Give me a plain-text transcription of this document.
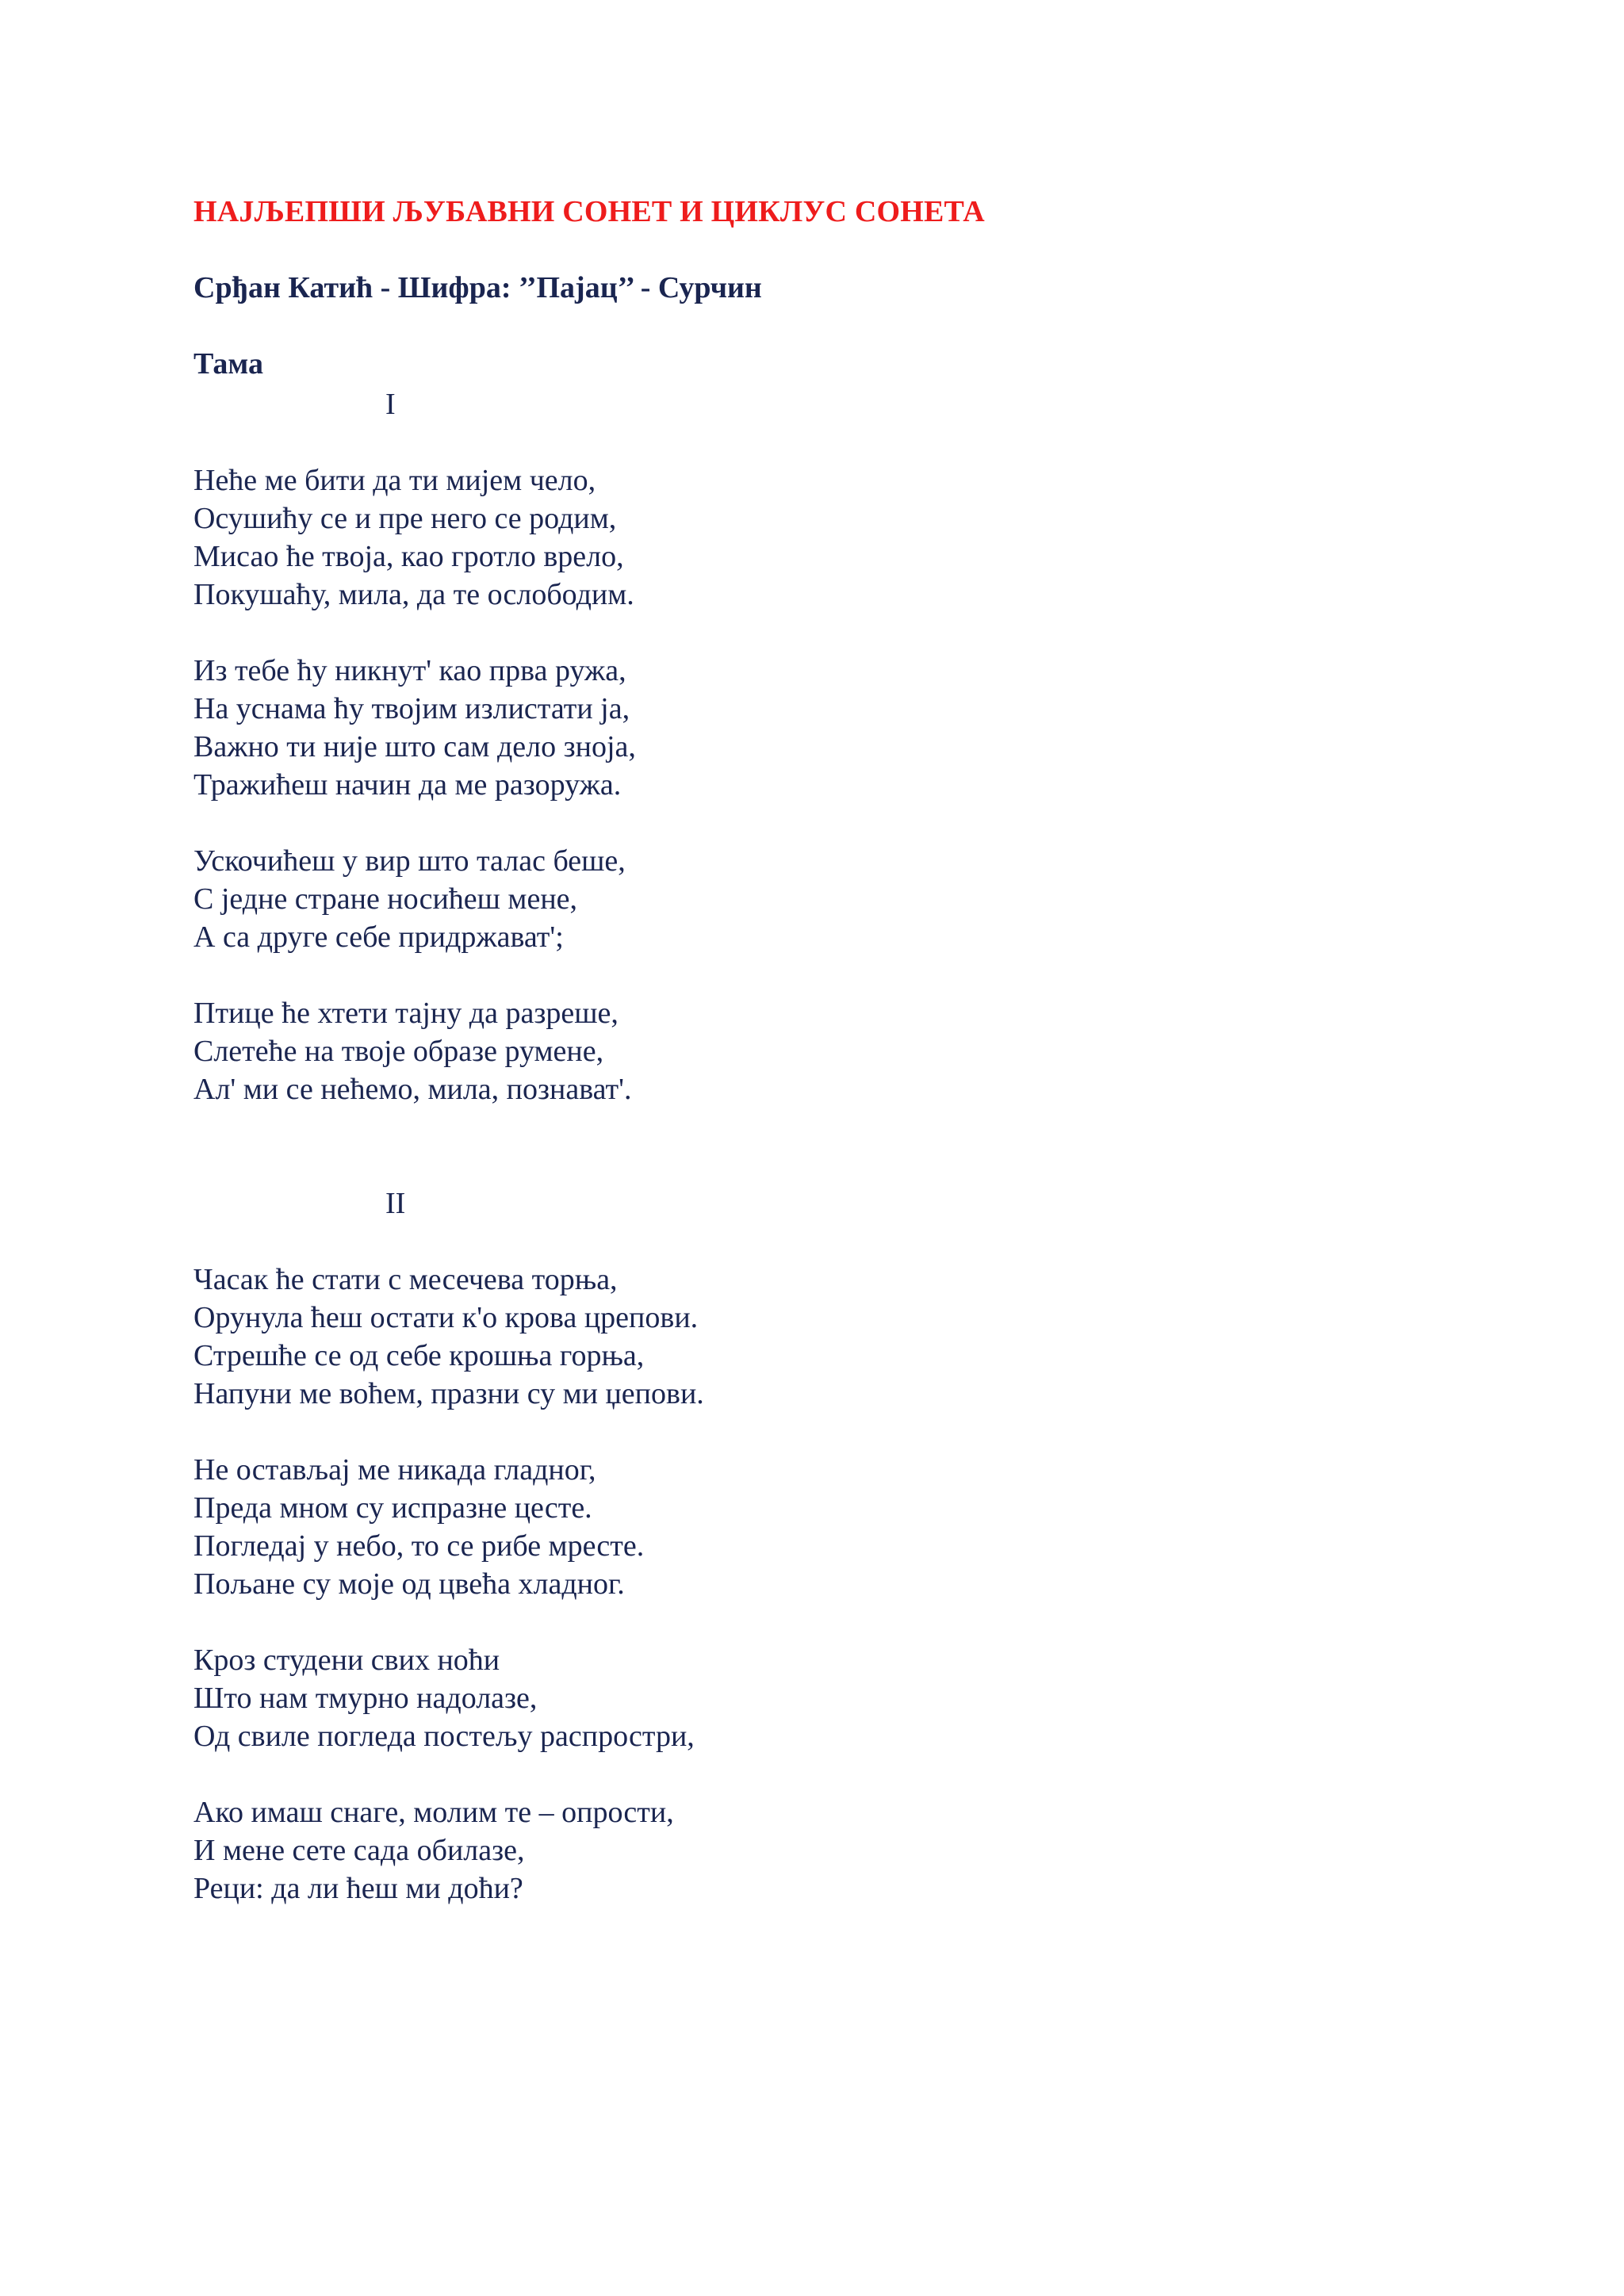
НАЈЉЕПШИ ЉУБАВНИ СОНЕТ И ЦИКЛУС СОНЕТА

Срђан Катић - Шифра: ’’Пајац’’ - Сурчин

Тама

I

Нећe ме бити да ти мијем чело,
Осушићу се и пре него се родим,
Мисао ће твоја, као гротло врело,
Покушаћу, мила, да те ослободим.
Из тебе ћу никнут' као прва ружа,
На уснама ћу твојим излистати ја,
Важно ти није што сам дело зноја,
Тражићеш начин да ме разоружа.
Ускочићеш у вир што талас беше,
С једне стране носићеш мене,
А са друге себе придржават';
Птице ће хтети тајну да разреше,
Слетеће на твоје образе румене,
Ал' ми се нећемо, мила, познават'.

II

Часак ће стати с месечева торња,
Орунула ћеш остати к'о крова црепови.
Стрешће се од себе крошња горња,
Напуни ме воћем, празни су ми џепови.
Не остављај ме никада гладног,
Преда мном су испразне цесте.
Погледај у небо, то се рибе мресте.
Пољане су моје од цвећа хладног.
Кроз студени свих ноћи
Што нам тмурно надолазе,
Од свиле погледа постељу распростри,
Ако имаш снаге, молим те – опрости,
И мене сете сада обилазе,
Реци: да ли ћеш ми доћи?
